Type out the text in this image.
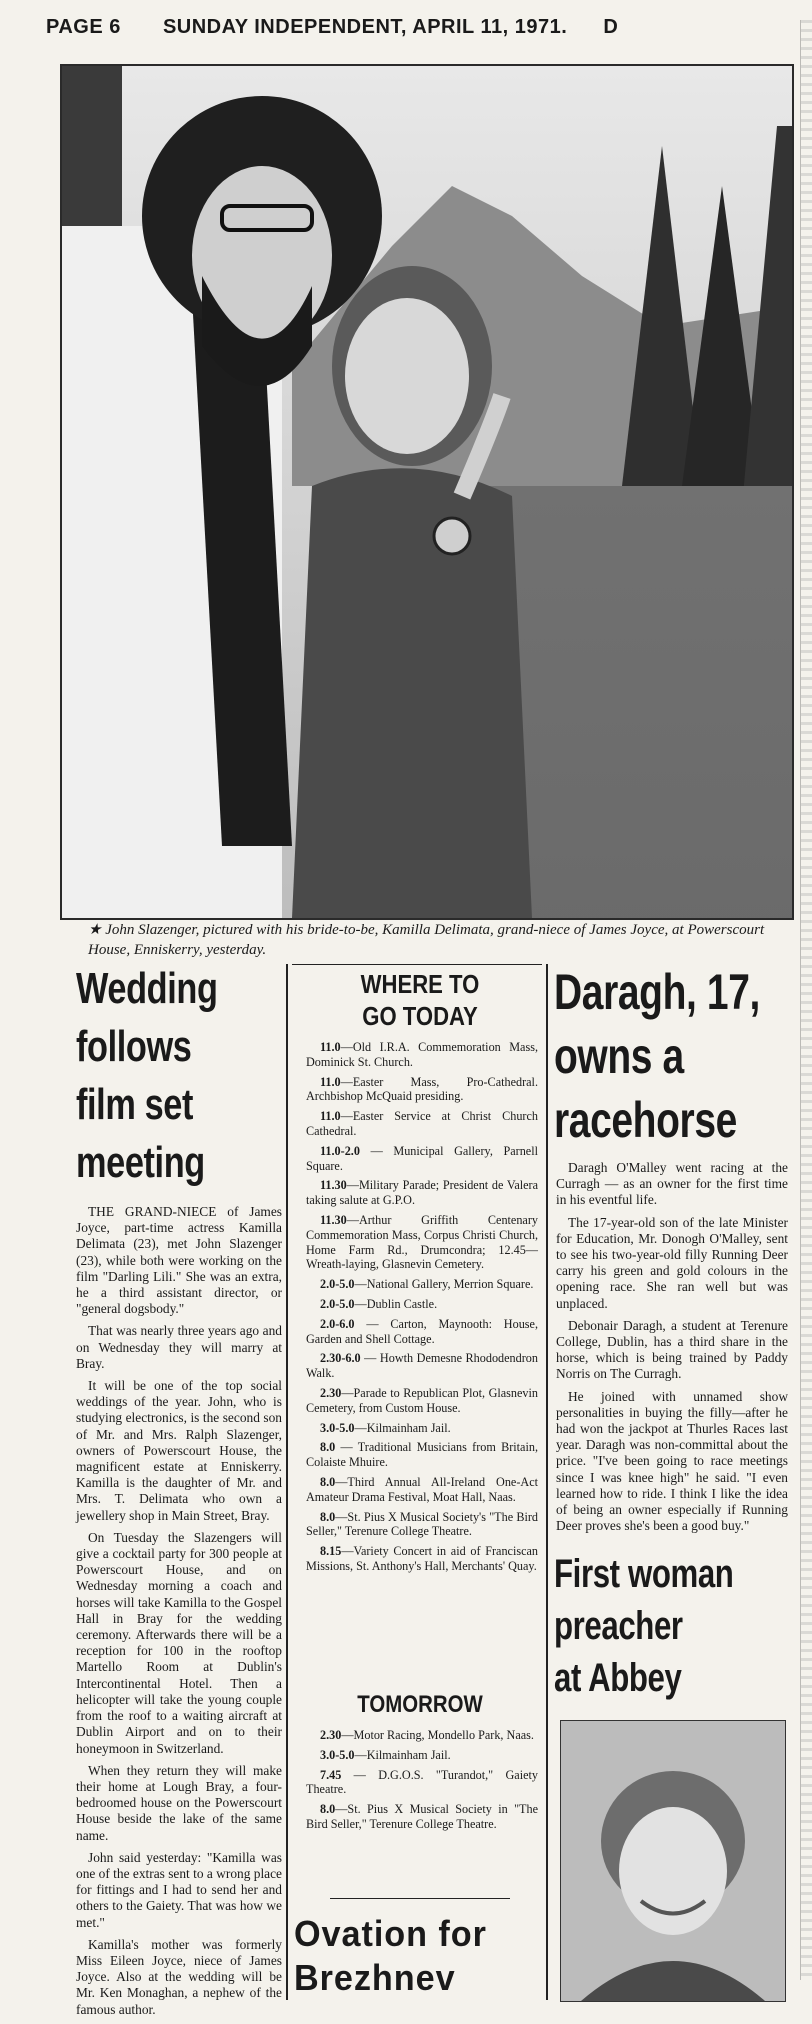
PAGE 6 SUNDAY INDEPENDENT, APRIL 11, 1971. D
★ John Slazenger, pictured with his bride-to-be, Kamilla Delimata, grand-niece of James Joyce, at Powerscourt House, Enniskerry, yesterday.
Wedding
follows
film set
meeting

THE GRAND-NIECE of James Joyce, part-time actress Kamilla Delimata (23), met John Slazenger (23), while both were working on the film "Darling Lili." She was an extra, he a third assistant director, or "general dogsbody."

That was nearly three years ago and on Wednesday they will marry at Bray.

It will be one of the top social weddings of the year. John, who is studying electronics, is the second son of Mr. and Mrs. Ralph Slazenger, owners of Powerscourt House, the magnificent estate at Enniskerry. Kamilla is the daughter of Mr. and Mrs. T. Delimata who own a jewellery shop in Main Street, Bray.

On Tuesday the Slazengers will give a cocktail party for 300 people at Powerscourt House, and on Wednesday morning a coach and horses will take Kamilla to the Gospel Hall in Bray for the wedding ceremony. Afterwards there will be a reception for 100 in the rooftop Martello Room at Dublin's Intercontinental Hotel. Then a helicopter will take the young couple from the roof to a waiting aircraft at Dublin Airport and on to their honeymoon in Switzerland.

When they return they will make their home at Lough Bray, a four-bedroomed house on the Powerscourt House beside the lake of the same name.

John said yesterday: "Kamilla was one of the extras sent to a wrong place for fittings and I had to send her and others to the Gaiety. That was how we met."

Kamilla's mother was formerly Miss Eileen Joyce, niece of James Joyce. Also at the wedding will be Mr. Ken Monaghan, a nephew of the famous author.

WHERE TO
GO TODAY

11.0—Old I.R.A. Commemoration Mass, Dominick St. Church.

11.0—Easter Mass, Pro-Cathedral. Archbishop McQuaid presiding.

11.0—Easter Service at Christ Church Cathedral.

11.0-2.0 — Municipal Gallery, Parnell Square.

11.30—Military Parade; President de Valera taking salute at G.P.O.

11.30—Arthur Griffith Centenary Commemoration Mass, Corpus Christi Church, Home Farm Rd., Drumcondra; 12.45—Wreath-laying, Glasnevin Cemetery.

2.0-5.0—National Gallery, Merrion Square.

2.0-5.0—Dublin Castle.

2.0-6.0 — Carton, Maynooth: House, Garden and Shell Cottage.

2.30-6.0 — Howth Demesne Rhododendron Walk.

2.30—Parade to Republican Plot, Glasnevin Cemetery, from Custom House.

3.0-5.0—Kilmainham Jail.

8.0 — Traditional Musicians from Britain, Colaiste Mhuire.

8.0—Third Annual All-Ireland One-Act Amateur Drama Festival, Moat Hall, Naas.

8.0—St. Pius X Musical Society's "The Bird Seller," Terenure College Theatre.

8.15—Variety Concert in aid of Franciscan Missions, St. Anthony's Hall, Merchants' Quay.

TOMORROW

2.30—Motor Racing, Mondello Park, Naas.

3.0-5.0—Kilmainham Jail.

7.45 — D.G.O.S. "Turandot," Gaiety Theatre.

8.0—St. Pius X Musical Society in "The Bird Seller," Terenure College Theatre.

Ovation for
Brezhnev
Daragh, 17,
owns a
racehorse

Daragh O'Malley went racing at the Curragh — as an owner for the first time in his eventful life.

The 17-year-old son of the late Minister for Education, Mr. Donogh O'Malley, sent to see his two-year-old filly Running Deer carry his green and gold colours in the opening race. She ran well but was unplaced.

Debonair Daragh, a student at Terenure College, Dublin, has a third share in the horse, which is being trained by Paddy Norris on The Curragh.

He joined with unnamed show personalities in buying the filly—after he had won the jackpot at Thurles Races last year. Daragh was non-committal about the price. "I've been going to race meetings since I was knee high" he said. "I even learned how to ride. I think I like the idea of being an owner especially if Running Deer proves she's been a good buy."

First woman
preacher
at Abbey
